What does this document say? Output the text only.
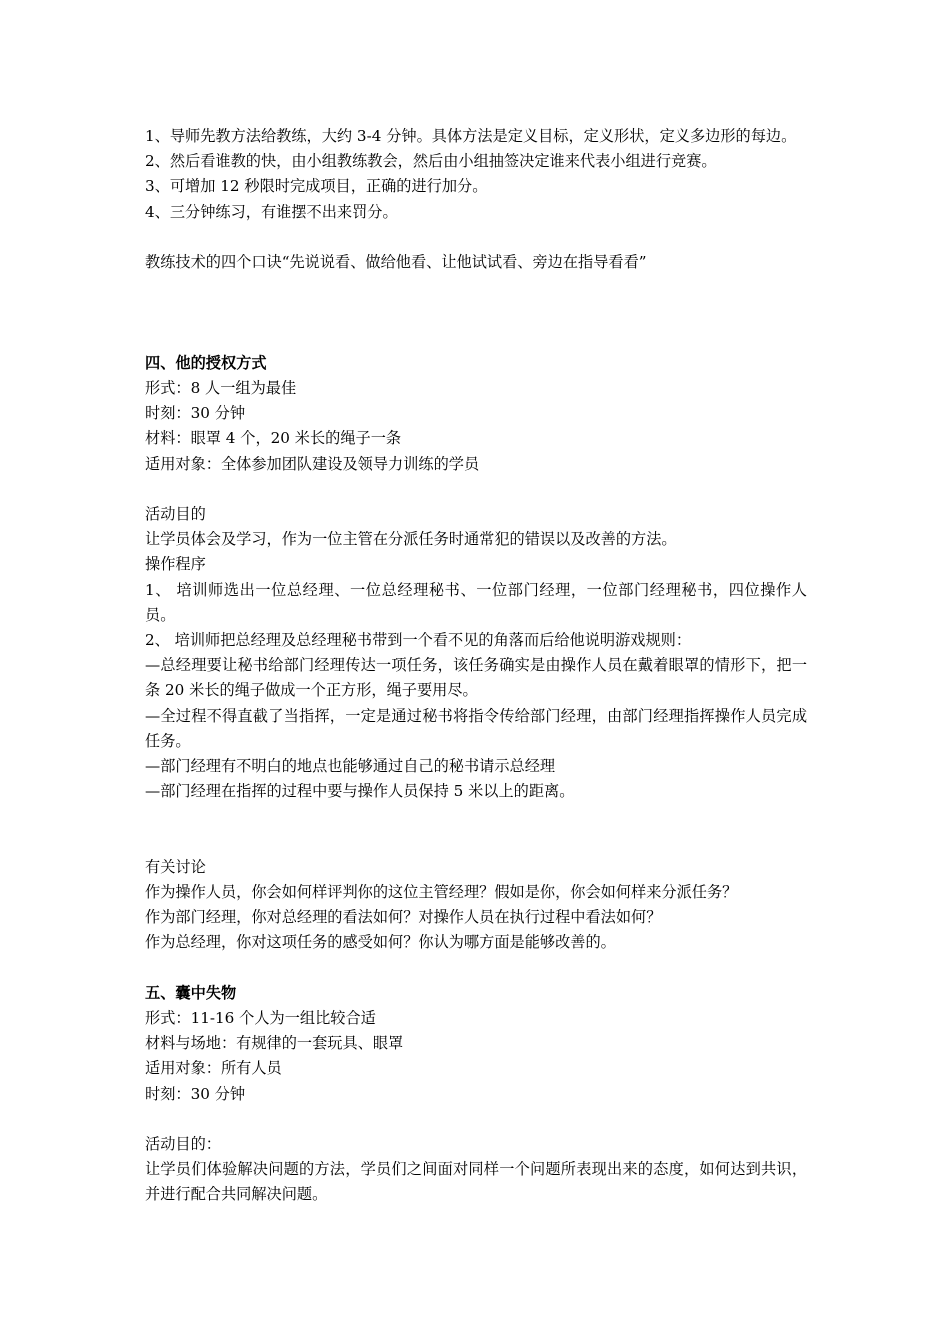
1、导师先教方法给教练，大约 3-4 分钟。具体方法是定义目标，定义形状，定义多边形的每边。

2、然后看谁教的快，由小组教练教会，然后由小组抽签决定谁来代表小组进行竞赛。

3、可增加 12 秒限时完成项目，正确的进行加分。

4、三分钟练习，有谁摆不出来罚分。

教练技术的四个口诀“先说说看、做给他看、让他试试看、旁边在指导看看”

四、他的授权方式

形式：8 人一组为最佳

时刻：30 分钟

材料：眼罩 4 个，20 米长的绳子一条

适用对象：全体参加团队建设及领导力训练的学员

活动目的

让学员体会及学习，作为一位主管在分派任务时通常犯的错误以及改善的方法。

操作程序

1、 培训师选出一位总经理、一位总经理秘书、一位部门经理，一位部门经理秘书，四位操作人员。

2、 培训师把总经理及总经理秘书带到一个看不见的角落而后给他说明游戏规则：

—总经理要让秘书给部门经理传达一项任务，该任务确实是由操作人员在戴着眼罩的情形下，把一条 20 米长的绳子做成一个正方形，绳子要用尽。

—全过程不得直截了当指挥，一定是通过秘书将指令传给部门经理，由部门经理指挥操作人员完成任务。

—部门经理有不明白的地点也能够通过自己的秘书请示总经理

—部门经理在指挥的过程中要与操作人员保持 5 米以上的距离。

有关讨论

作为操作人员，你会如何样评判你的这位主管经理？假如是你，你会如何样来分派任务？

作为部门经理，你对总经理的看法如何？对操作人员在执行过程中看法如何？

作为总经理，你对这项任务的感受如何？你认为哪方面是能够改善的。

五、囊中失物

形式：11-16 个人为一组比较合适

材料与场地：有规律的一套玩具、眼罩

适用对象：所有人员

时刻：30 分钟

活动目的：

让学员们体验解决问题的方法，学员们之间面对同样一个问题所表现出来的态度，如何达到共识，并进行配合共同解决问题。
